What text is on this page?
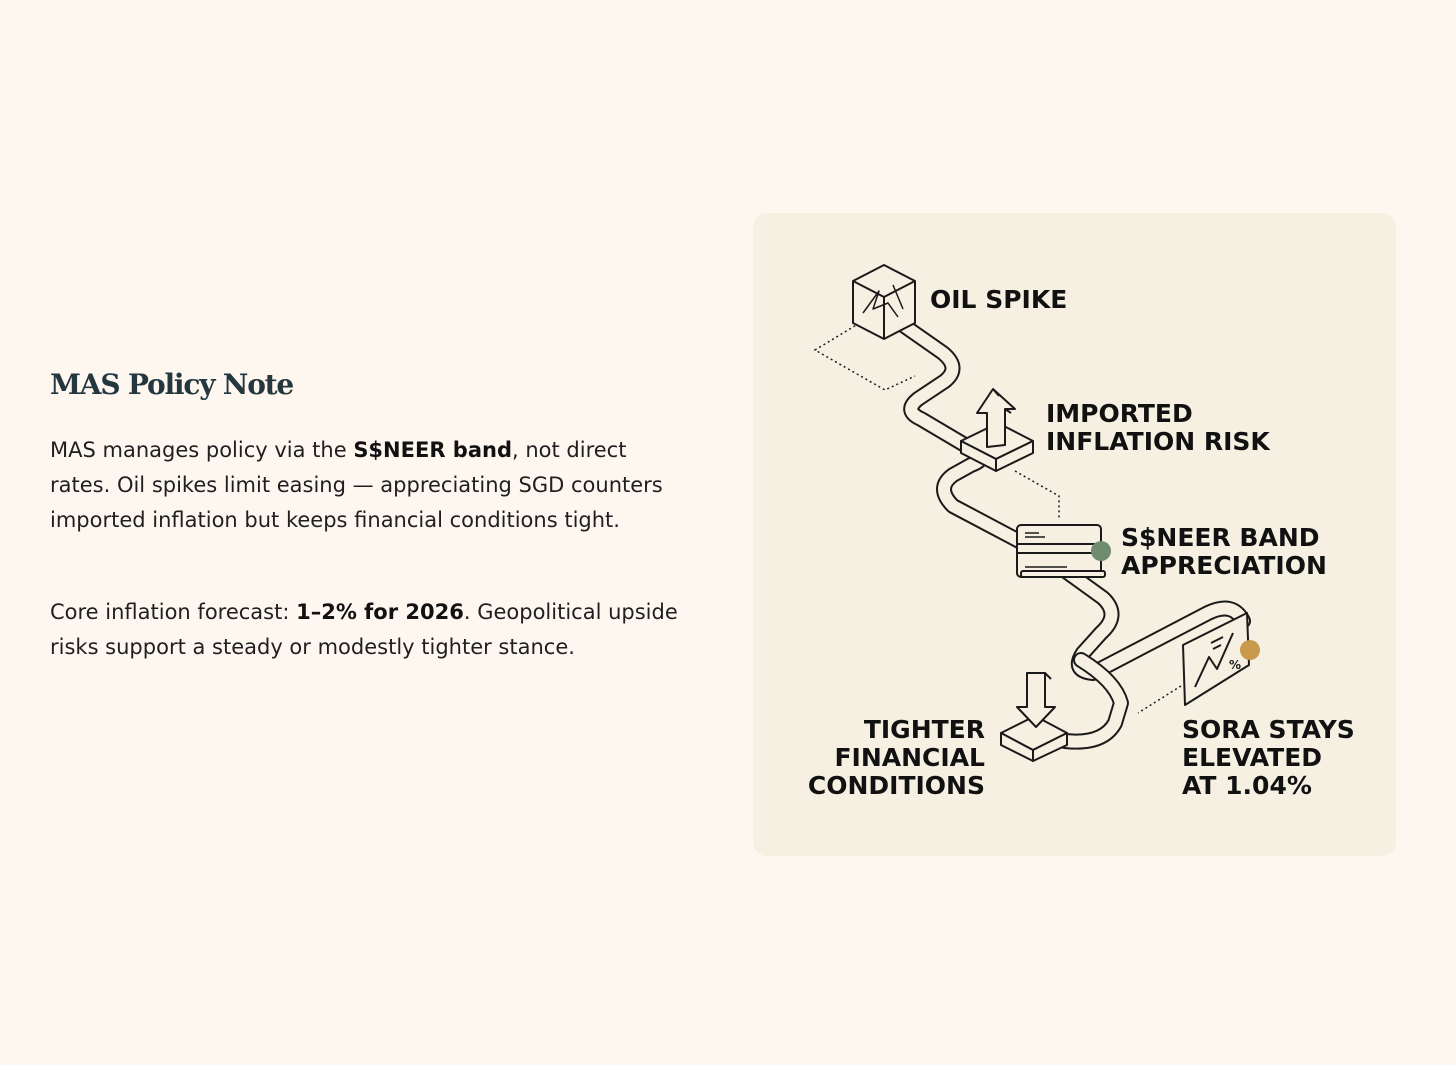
MAS Policy Note

MAS manages policy via the S$NEER band, not direct rates. Oil spikes limit easing — appreciating SGD counters imported inflation but keeps financial conditions tight.

Core inflation forecast: 1–2% for 2026. Geopolitical upside risks support a steady or modestly tighter stance.

%
OIL SPIKE
IMPORTED
INFLATION RISK
S$NEER BAND
APPRECIATION
SORA STAYS
ELEVATED
AT 1.04%
TIGHTER
FINANCIAL
CONDITIONS
